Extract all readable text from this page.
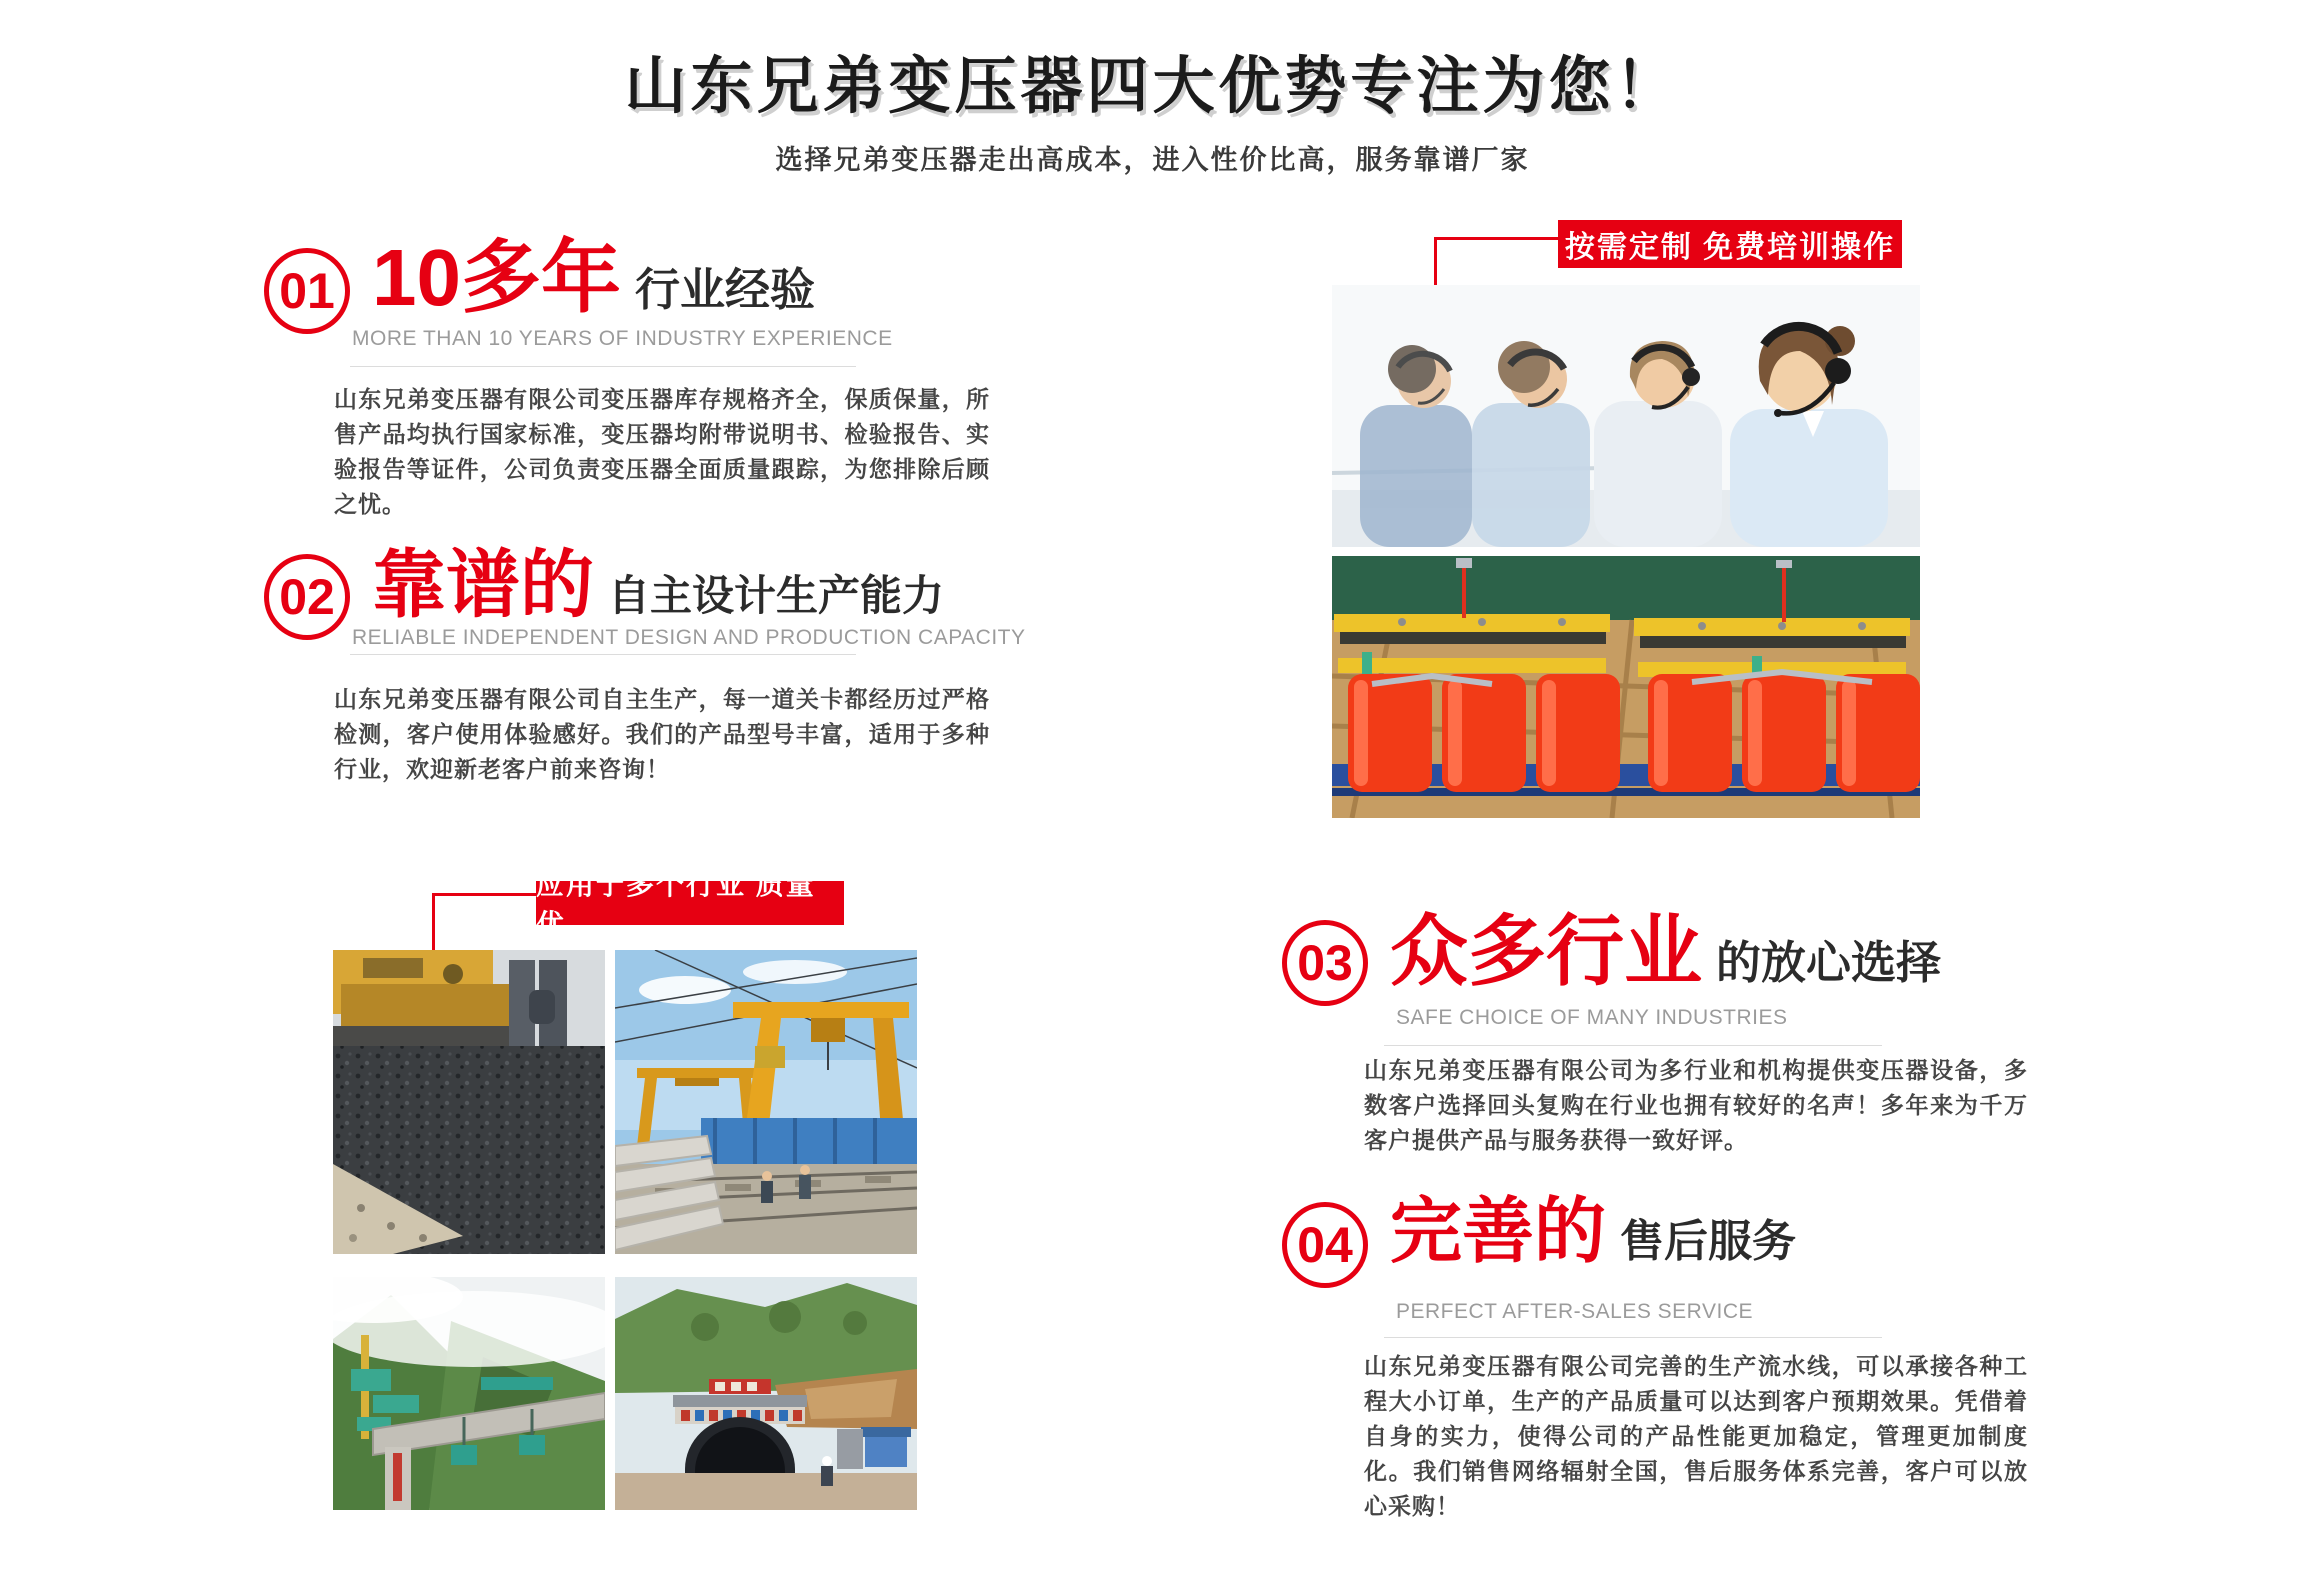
山东兄弟变压器四大优势专注为您！
选择兄弟变压器走出高成本，进入性价比高，服务靠谱厂家
01 10多年 行业经验
MORE THAN 10 YEARS OF INDUSTRY EXPERIENCE
山东兄弟变压器有限公司变压器库存规格齐全，保质保量，所售产品均执行国家标准，变压器均附带说明书、检验报告、实验报告等证件，公司负责变压器全面质量跟踪，为您排除后顾之忧。
02 靠谱的 自主设计生产能力
RELIABLE INDEPENDENT DESIGN AND PRODUCTION CAPACITY
山东兄弟变压器有限公司自主生产，每一道关卡都经历过严格检测，客户使用体验感好。我们的产品型号丰富，适用于多种行业，欢迎新老客户前来咨询！
按需定制 免费培训操作
应用于多个行业 质量优
03 众多行业 的放心选择
SAFE CHOICE OF MANY INDUSTRIES
山东兄弟变压器有限公司为多行业和机构提供变压器设备，多数客户选择回头复购在行业也拥有较好的名声！多年来为千万客户提供产品与服务获得一致好评。
04 完善的 售后服务
PERFECT AFTER-SALES SERVICE
山东兄弟变压器有限公司完善的生产流水线，可以承接各种工程大小订单，生产的产品质量可以达到客户预期效果。凭借着自身的实力，使得公司的产品性能更加稳定，管理更加制度化。我们销售网络辐射全国，售后服务体系完善，客户可以放心采购！
